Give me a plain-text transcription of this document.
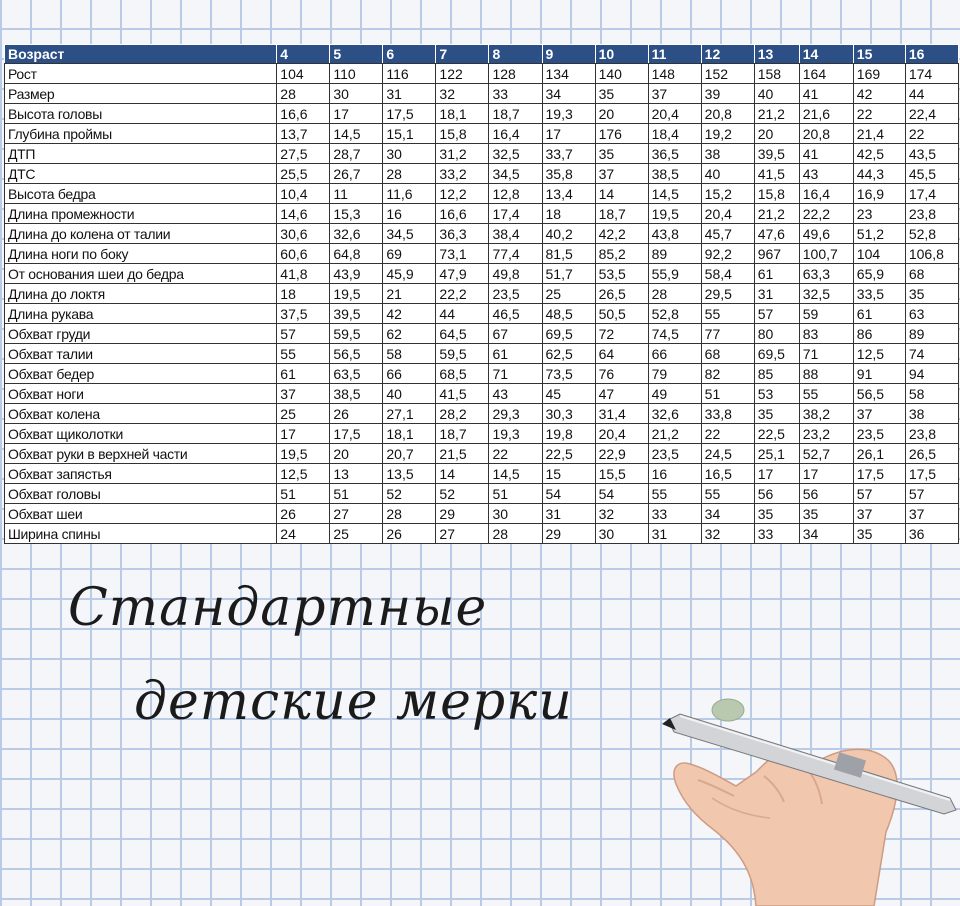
Возраст	4	5	6	7	8	9	10	11	12	13	14	15	16
Рост	104	110	116	122	128	134	140	148	152	158	164	169	174
Размер	28	30	31	32	33	34	35	37	39	40	41	42	44
Высота головы	16,6	17	17,5	18,1	18,7	19,3	20	20,4	20,8	21,2	21,6	22	22,4
Глубина проймы	13,7	14,5	15,1	15,8	16,4	17	176	18,4	19,2	20	20,8	21,4	22
ДТП	27,5	28,7	30	31,2	32,5	33,7	35	36,5	38	39,5	41	42,5	43,5
ДТС	25,5	26,7	28	33,2	34,5	35,8	37	38,5	40	41,5	43	44,3	45,5
Высота бедра	10,4	11	11,6	12,2	12,8	13,4	14	14,5	15,2	15,8	16,4	16,9	17,4
Длина промежности	14,6	15,3	16	16,6	17,4	18	18,7	19,5	20,4	21,2	22,2	23	23,8
Длина до колена от талии	30,6	32,6	34,5	36,3	38,4	40,2	42,2	43,8	45,7	47,6	49,6	51,2	52,8
Длина ноги по боку	60,6	64,8	69	73,1	77,4	81,5	85,2	89	92,2	967	100,7	104	106,8
От основания шеи до бедра	41,8	43,9	45,9	47,9	49,8	51,7	53,5	55,9	58,4	61	63,3	65,9	68
Длина до локтя	18	19,5	21	22,2	23,5	25	26,5	28	29,5	31	32,5	33,5	35
Длина рукава	37,5	39,5	42	44	46,5	48,5	50,5	52,8	55	57	59	61	63
Обхват груди	57	59,5	62	64,5	67	69,5	72	74,5	77	80	83	86	89
Обхват талии	55	56,5	58	59,5	61	62,5	64	66	68	69,5	71	12,5	74
Обхват бедер	61	63,5	66	68,5	71	73,5	76	79	82	85	88	91	94
Обхват ноги	37	38,5	40	41,5	43	45	47	49	51	53	55	56,5	58
Обхват колена	25	26	27,1	28,2	29,3	30,3	31,4	32,6	33,8	35	38,2	37	38
Обхват щиколотки	17	17,5	18,1	18,7	19,3	19,8	20,4	21,2	22	22,5	23,2	23,5	23,8
Обхват руки в верхней части	19,5	20	20,7	21,5	22	22,5	22,9	23,5	24,5	25,1	52,7	26,1	26,5
Обхват запястья	12,5	13	13,5	14	14,5	15	15,5	16	16,5	17	17	17,5	17,5
Обхват головы	51	51	52	52	51	54	54	55	55	56	56	57	57
Обхват шеи	26	27	28	29	30	31	32	33	34	35	35	37	37
Ширина спины	24	25	26	27	28	29	30	31	32	33	34	35	36
Стандартные
детские мерки
